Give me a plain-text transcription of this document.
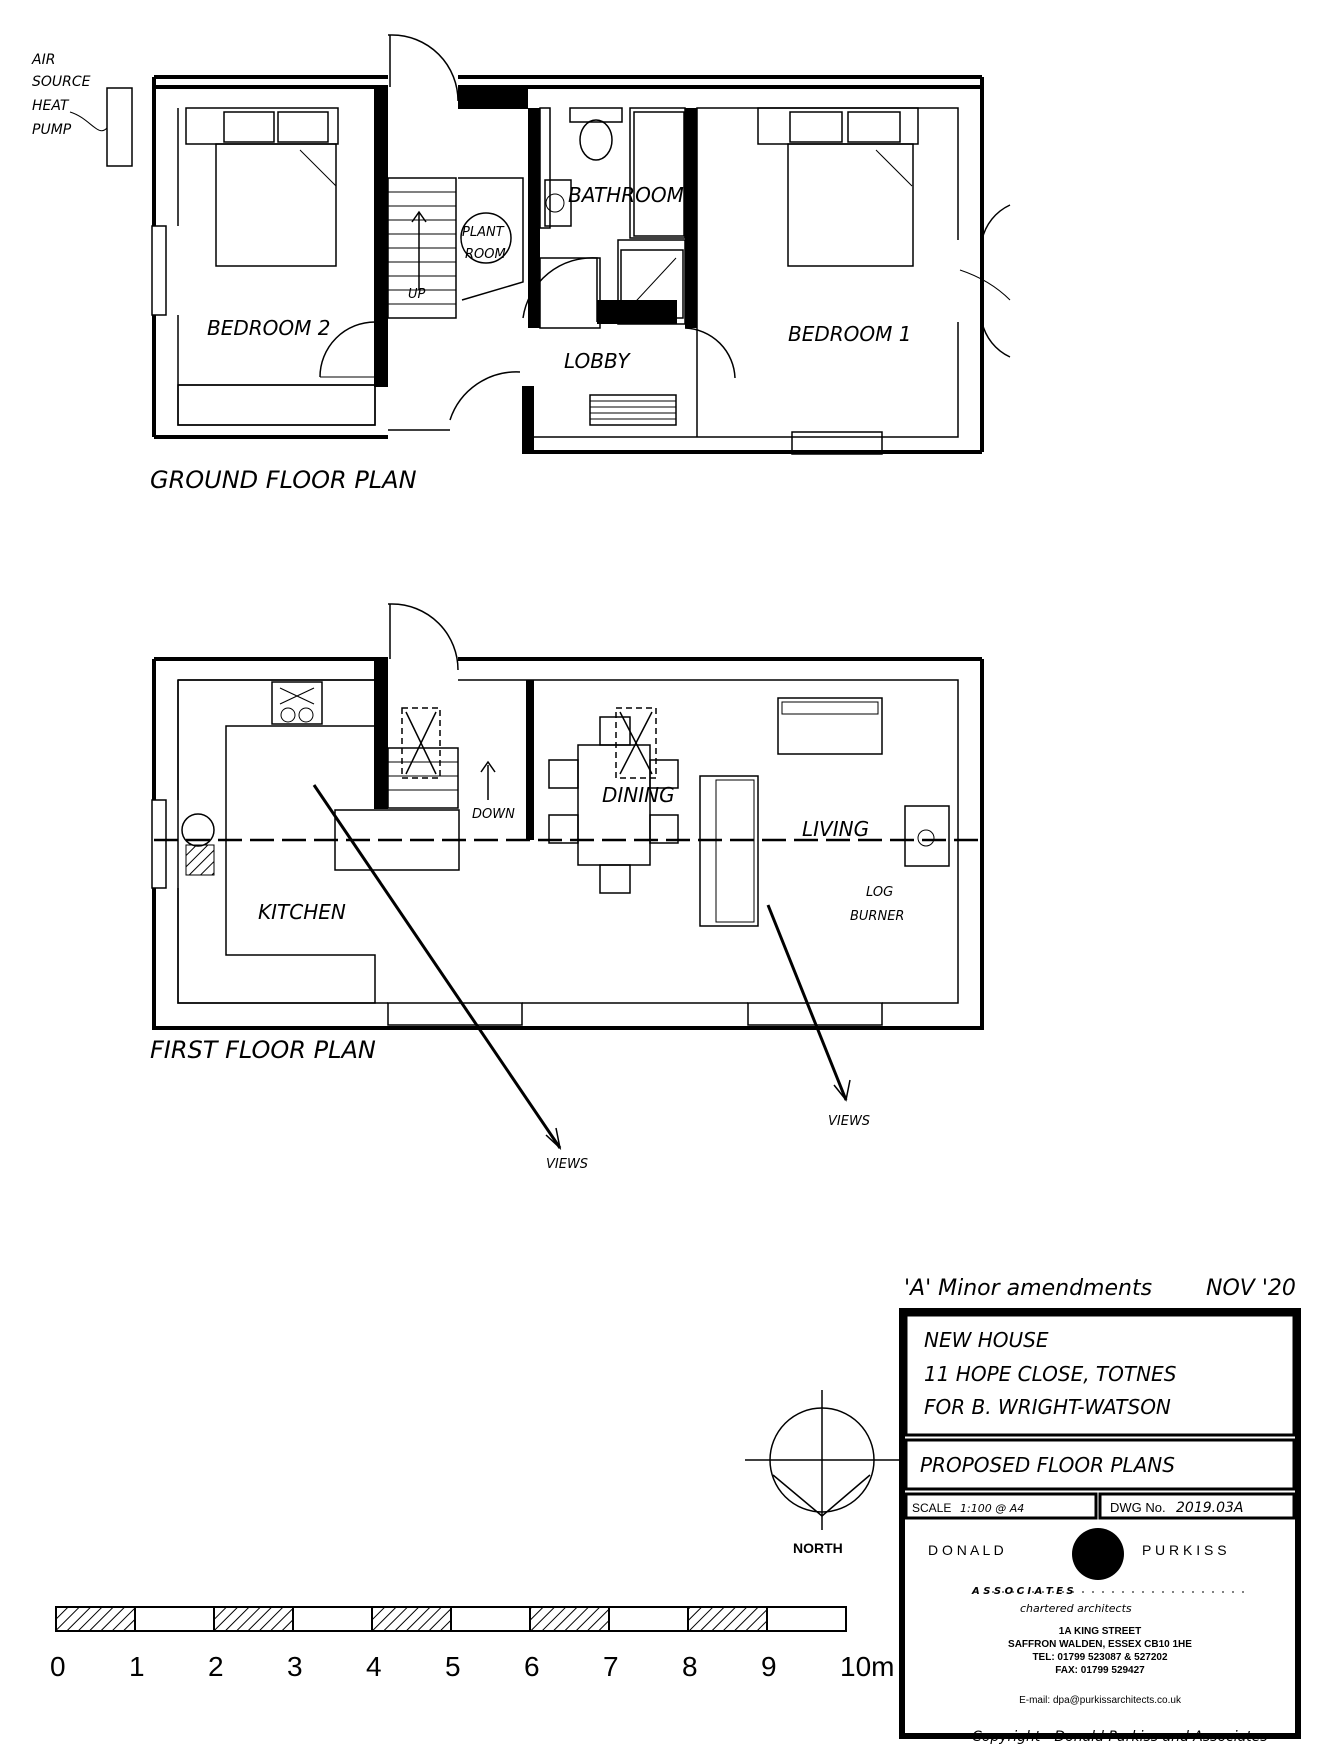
AIR
SOURCE
HEAT
PUMP
BEDROOM 2
BATHROOM
PLANT
ROOM
UP
LOBBY
BEDROOM 1
GROUND FLOOR PLAN
KITCHEN
DINING
LIVING
DOWN
LOG
BURNER
FIRST FLOOR PLAN
VIEWS
VIEWS
'A' Minor amendments NOV '20
NEW HOUSE
11 HOPE CLOSE, TOTNES
FOR B. WRIGHT-WATSON
PROPOSED FLOOR PLANS
SCALE 1:100 @ A4	DWG No. 2019.03A
D O N A L D	P U R K I S S
A S S O C I A T E S
chartered architects
1A KING STREET
SAFFRON WALDEN, ESSEX CB10 1HE
TEL: 01799 523087 & 527202
FAX: 01799 529427
E-mail: dpa@purkissarchitects.co.uk
Copyright - Donald Purkiss and Associates
NORTH
0 1 2 3 4 5 6 7 8 9 10m
